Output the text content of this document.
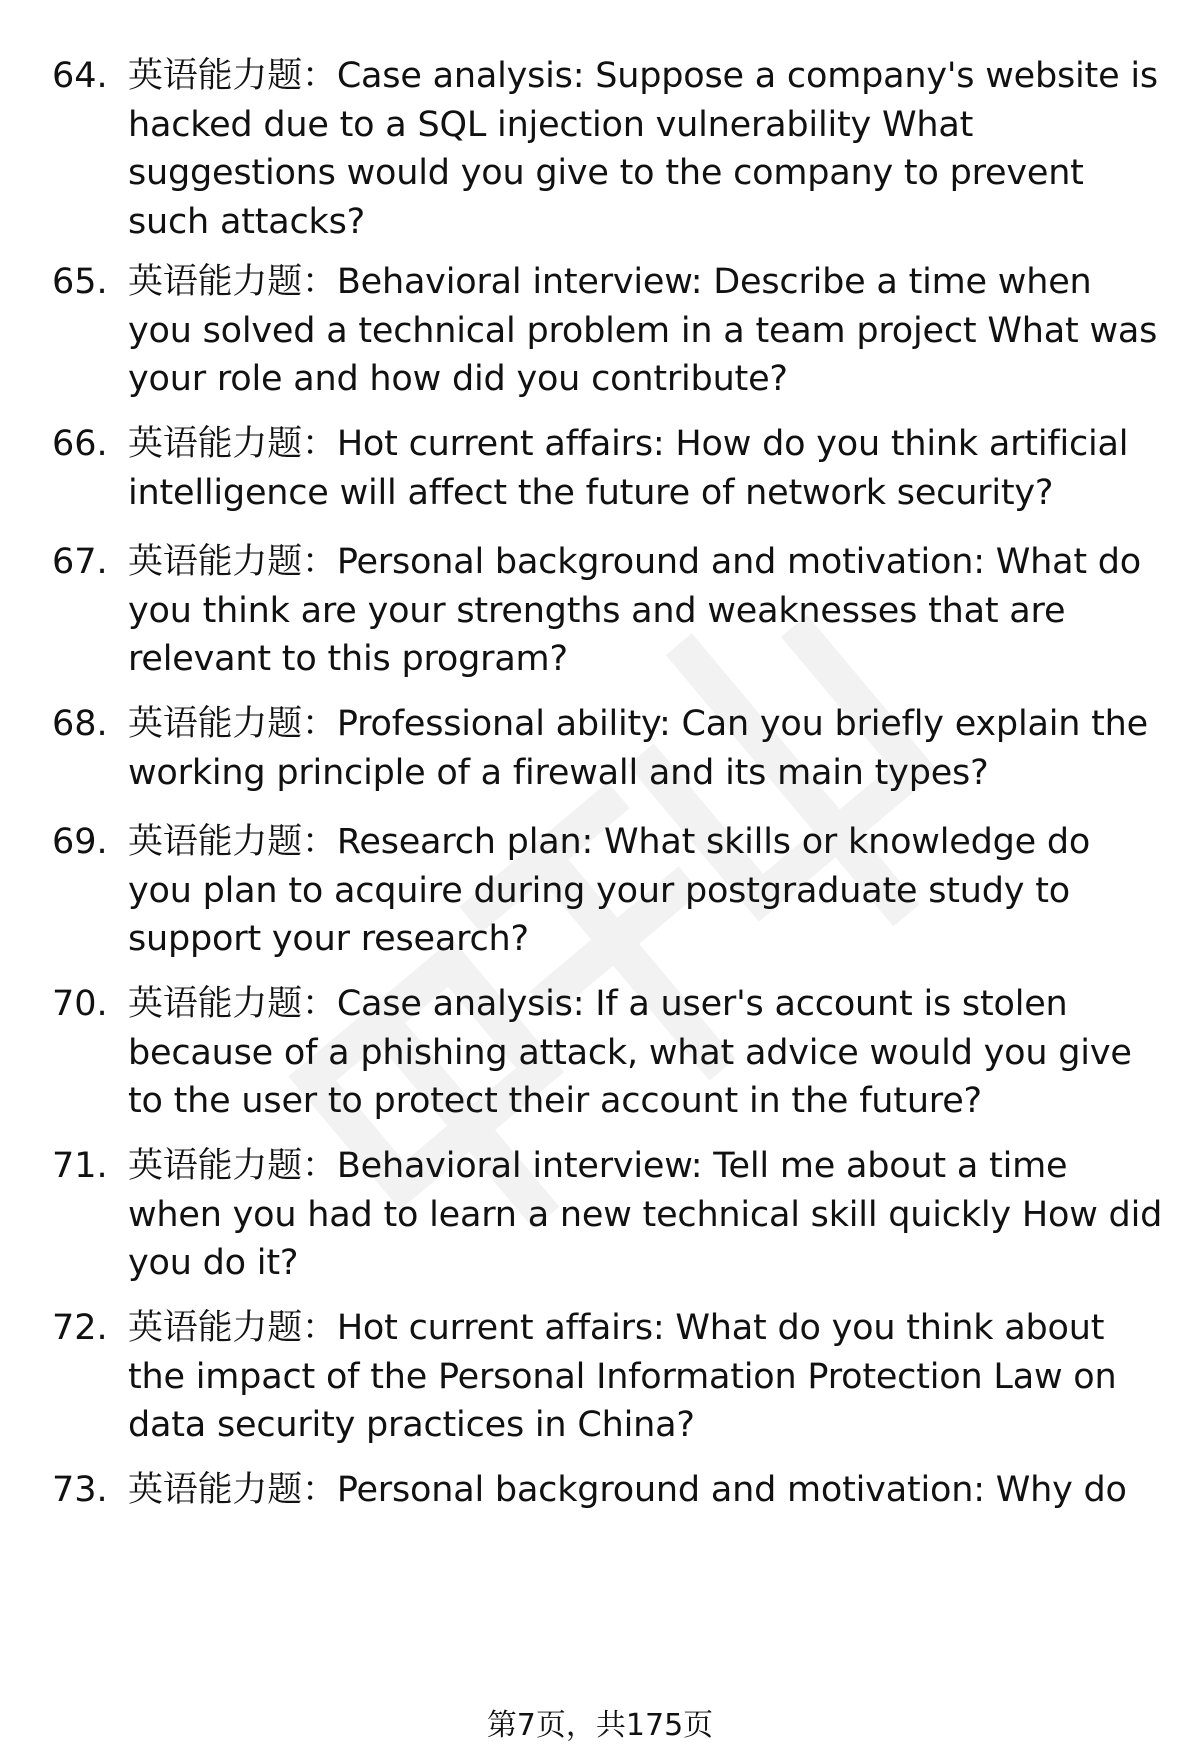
64. 英语能力题：Case analysis: Suppose a company's website is hacked due to a SQL injection vulnerability What suggestions would you give to the company to prevent such attacks?
65. 英语能力题：Behavioral interview: Describe a time when you solved a technical problem in a team project What was your role and how did you contribute?
66. 英语能力题：Hot current affairs: How do you think artificial intelligence will affect the future of network security?
67. 英语能力题：Personal background and motivation: What do you think are your strengths and weaknesses that are relevant to this program?
68. 英语能力题：Professional ability: Can you briefly explain the working principle of a firewall and its main types?
69. 英语能力题：Research plan: What skills or knowledge do you plan to acquire during your postgraduate study to support your research?
70. 英语能力题：Case analysis: If a user's account is stolen because of a phishing attack, what advice would you give to the user to protect their account in the future?
71. 英语能力题：Behavioral interview: Tell me about a time when you had to learn a new technical skill quickly How did you do it?
72. 英语能力题：Hot current affairs: What do you think about the impact of the Personal Information Protection Law on data security practices in China?
73. 英语能力题：Personal background and motivation: Why do
第7页，共175页
